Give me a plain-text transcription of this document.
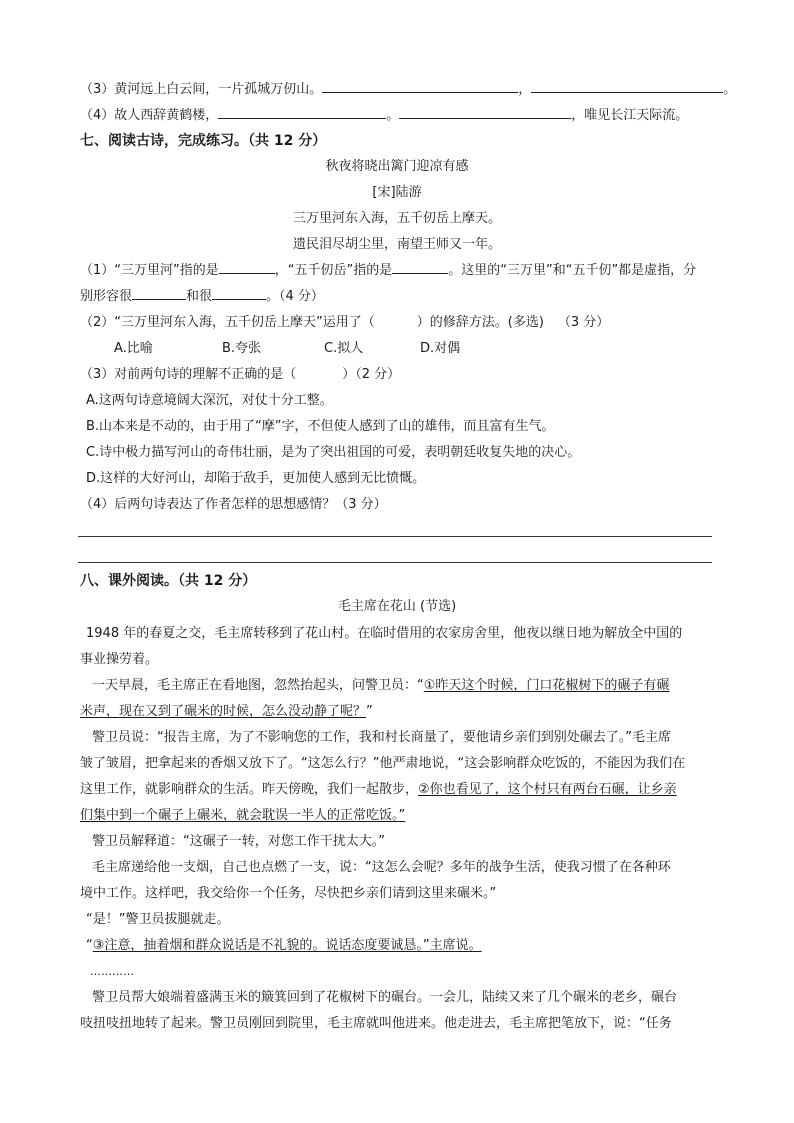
（3）黄河远上白云间，一片孤城万仞山。	，	。
（4）故人西辞黄鹤楼，	。	，唯见长江天际流。
七、阅读古诗，完成练习。（共 12 分）
秋夜将晓出篱门迎凉有感
[宋]陆游
三万里河东入海，五千仞岳上摩天。
遗民泪尽胡尘里，南望王师又一年。
（1）“三万里河”指的是	，“五千仞岳”指的是	。这里的“三万里”和“五千仞”都是虚指，分
别形容很	和很	。（4 分）
（2）“三万里河东入海，五千仞岳上摩天”运用了（	）的修辞方法。(多选) （3 分）
A.比喻	B.夸张	C.拟人	D.对偶
（3）对前两句诗的理解不正确的是（	）（2 分）
A.这两句诗意境阔大深沉，对仗十分工整。
B.山本来是不动的，由于用了“摩”字，不但使人感到了山的雄伟，而且富有生气。
C.诗中极力描写河山的奇伟壮丽，是为了突出祖国的可爱，表明朝廷收复失地的决心。
D.这样的大好河山，却陷于敌手，更加使人感到无比愤慨。
（4）后两句诗表达了作者怎样的思想感情？（3 分）
八、课外阅读。（共 12 分）
毛主席在花山 (节选)
1948 年的春夏之交，毛主席转移到了花山村。在临时借用的农家房舍里，他夜以继日地为解放全中国的
事业操劳着。
一天早晨，毛主席正在看地图，忽然抬起头，问警卫员：“①昨天这个时候，门口花椒树下的碾子有碾
米声，现在又到了碾米的时候，怎么没动静了呢？”
警卫员说：“报告主席，为了不影响您的工作，我和村长商量了，要他请乡亲们到别处碾去了。”毛主席
皱了皱眉，把拿起来的香烟又放下了。“这怎么行？”他严肃地说，“这会影响群众吃饭的，不能因为我们在
这里工作，就影响群众的生活。昨天傍晚，我们一起散步，②你也看见了，这个村只有两台石碾，让乡亲
们集中到一个碾子上碾米，就会耽误一半人的正常吃饭。”
警卫员解释道：“这碾子一转，对您工作干扰太大。”
毛主席递给他一支烟，自己也点燃了一支，说：“这怎么会呢？多年的战争生活，使我习惯了在各种环
境中工作。这样吧，我交给你一个任务，尽快把乡亲们请到这里来碾米。”
“是！”警卫员拔腿就走。
“③注意，抽着烟和群众说话是不礼貌的。说话态度要诚恳。”主席说。
…………
警卫员帮大娘端着盛满玉米的簸箕回到了花椒树下的碾台。一会儿，陆续又来了几个碾米的老乡，碾台
吱扭吱扭地转了起来。警卫员刚回到院里，毛主席就叫他进来。他走进去，毛主席把笔放下，说：“任务
